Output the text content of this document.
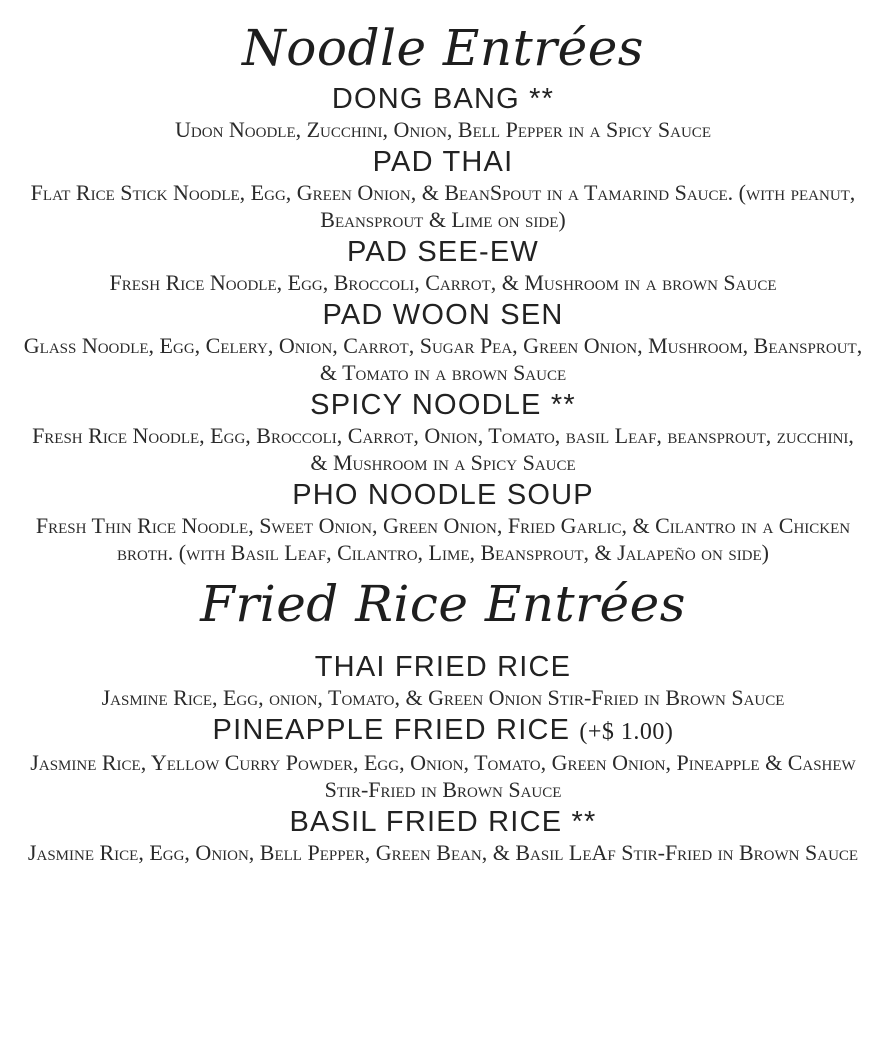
Noodle Entrées

DONG BANG **

Udon Noodle, Zucchini, Onion, Bell Pepper in a Spicy Sauce

PAD THAI

Flat Rice Stick Noodle, Egg, Green Onion, & BeanSpout in a Tamarind Sauce. (with peanut, Beansprout & Lime on side)

PAD SEE-EW

Fresh Rice Noodle, Egg, Broccoli, Carrot, & Mushroom in a brown Sauce

PAD WOON SEN

Glass Noodle, Egg, Celery, Onion, Carrot, Sugar Pea, Green Onion, Mushroom, Beansprout, & Tomato in a brown Sauce

SPICY NOODLE **

Fresh Rice Noodle, Egg, Broccoli, Carrot, Onion, Tomato, basil Leaf, beansprout, zucchini, & Mushroom in a Spicy Sauce

PHO NOODLE SOUP

Fresh Thin Rice Noodle, Sweet Onion, Green Onion, Fried Garlic, & Cilantro in a Chicken broth. (with Basil Leaf, Cilantro, Lime, Beansprout, & Jalapeño on side)

Fried Rice Entrées

THAI FRIED RICE

Jasmine Rice, Egg, onion, Tomato, & Green Onion Stir-Fried in Brown Sauce

PINEAPPLE FRIED RICE (+$ 1.00)

Jasmine Rice, Yellow Curry Powder, Egg, Onion, Tomato, Green Onion, Pineapple & Cashew Stir-Fried in Brown Sauce

BASIL FRIED RICE **

Jasmine Rice, Egg, Onion, Bell Pepper, Green Bean, & Basil LeAf Stir-Fried in Brown Sauce
